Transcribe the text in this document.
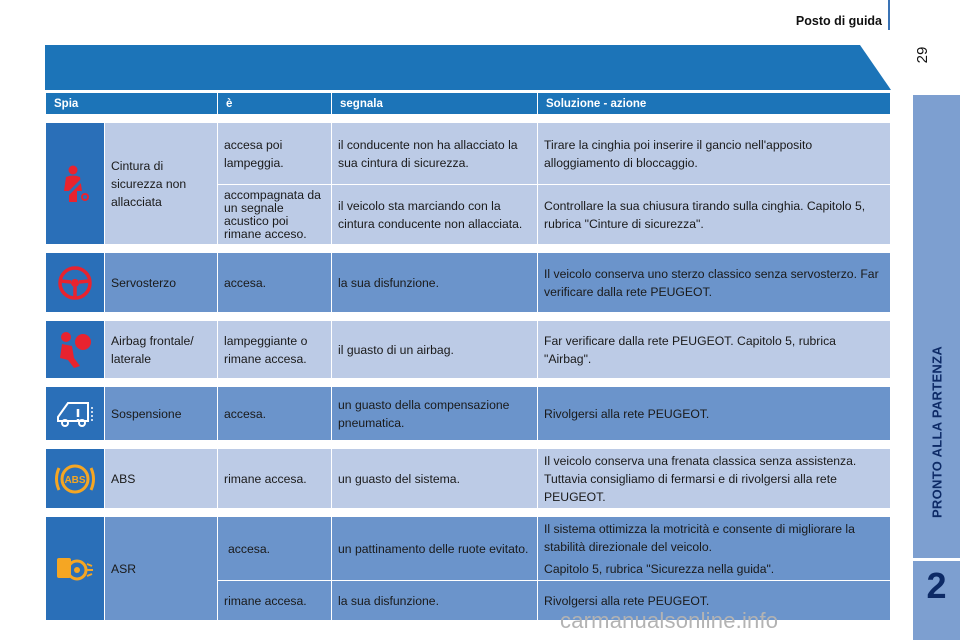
Posto di guida
29
PRONTO ALLA PARTENZA
2
Spia		è	segnala	Soluzione - azione

	Cintura di sicurezza non allacciata	accesa poi lampeggia.	il conducente non ha allacciato la sua cintura di sicurezza.	Tirare la cinghia poi inserire il gancio nell'apposito alloggiamento di bloccaggio.
		accompagnata da un segnale acustico poi rimane acceso.	il veicolo sta marciando con la cintura conducente non allacciata.	Controllare la sua chiusura tirando sulla cinghia. Capitolo 5, rubrica "Cinture di sicurezza".

	Servosterzo	accesa.	la sua disfunzione.	Il veicolo conserva uno sterzo classico senza servosterzo. Far verificare dalla rete PEUGEOT.

	Airbag frontale/ laterale	lampeggiante o rimane accesa.	il guasto di un airbag.	Far verificare dalla rete PEUGEOT. Capitolo 5, rubrica "Airbag".

	Sospensione	accesa.	un guasto della compensazione pneumatica.	Rivolgersi alla rete PEUGEOT.

ABS	ABS	rimane accesa.	un guasto del sistema.	Il veicolo conserva una frenata classica senza assistenza. Tuttavia consigliamo di fermarsi e di rivolgersi alla rete PEUGEOT.

	ASR	accesa.	un pattinamento delle ruote evitato.	Il sistema ottimizza la motricità e consente di migliorare la stabilità direzionale del veicolo.
Capitolo 5, rubrica "Sicurezza nella guida".

		rimane accesa.	la sua disfunzione.	Rivolgersi alla rete PEUGEOT.
carmanualsonline.info
